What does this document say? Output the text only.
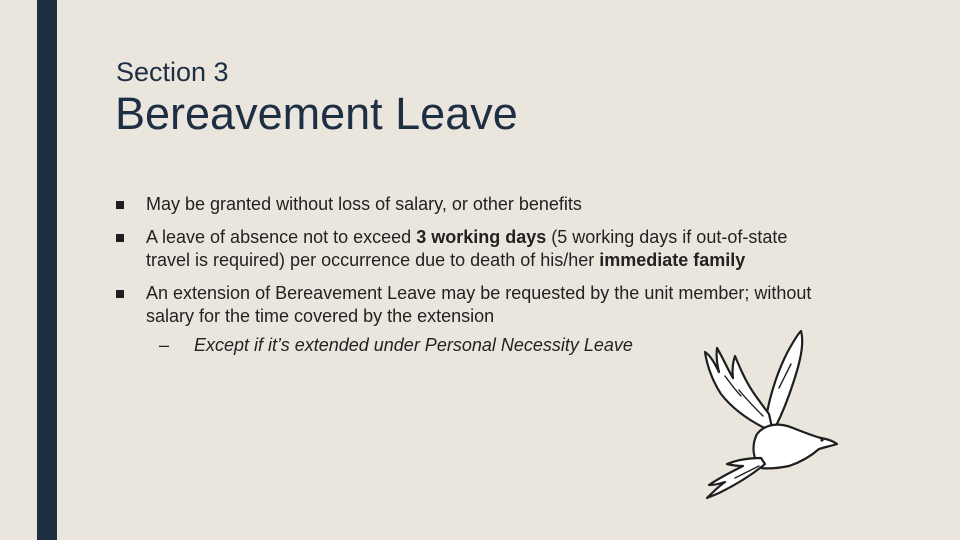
Section 3
Bereavement Leave
May be granted without loss of salary, or other benefits
A leave of absence not to exceed 3 working days (5 working days if out-of-state travel is required) per occurrence due to death of his/her immediate family
An extension of Bereavement Leave may be requested by the unit member; without salary for the time covered by the extension
– Except if it’s extended under Personal Necessity Leave
